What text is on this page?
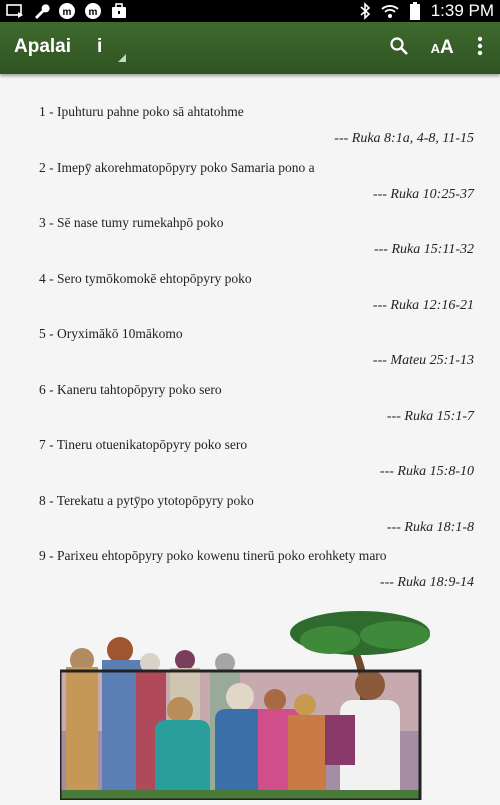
m m	1:39 PM
Apalai i	AA
1 - Ipuhturu pahne poko sā ahtatohme
--- Ruka 8:1a, 4-8, 11-15
2 - Imepȳ akorehmatopōpyry poko Samaria pono a
--- Ruka 10:25-37
3 - Sē nase tumy rumekahpō poko
--- Ruka 15:11-32
4 - Sero tymōkomokē ehtopōpyry poko
--- Ruka 12:16-21
5 - Oryximākō 10mākomo
--- Mateu 25:1-13
6 - Kaneru tahtopōpyry poko sero
--- Ruka 15:1-7
7 - Tineru otuenikatopōpyry poko sero
--- Ruka 15:8-10
8 - Terekatu a pytȳpo ytotopōpyry poko
--- Ruka 18:1-8
9 - Parixeu ehtopōpyry poko kowenu tinerū poko erohkety maro
--- Ruka 18:9-14
